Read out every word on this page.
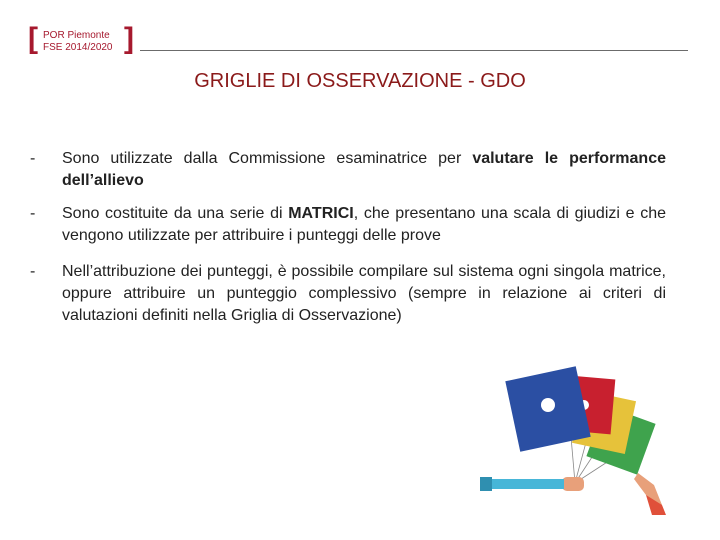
[ POR Piemonte
FSE 2014/2020 ]
GRIGLIE DI OSSERVAZIONE - GDO
- Sono utilizzate dalla Commissione esaminatrice per valutare le performance dell’allievo
- Sono costituite da una serie di MATRICI, che presentano una scala di giudizi e che vengono utilizzate per attribuire i punteggi delle prove
- Nell’attribuzione dei punteggi, è possibile compilare sul sistema ogni singola matrice, oppure attribuire un punteggio complessivo (sempre in relazione ai criteri di valutazioni definiti nella Griglia di Osservazione)
